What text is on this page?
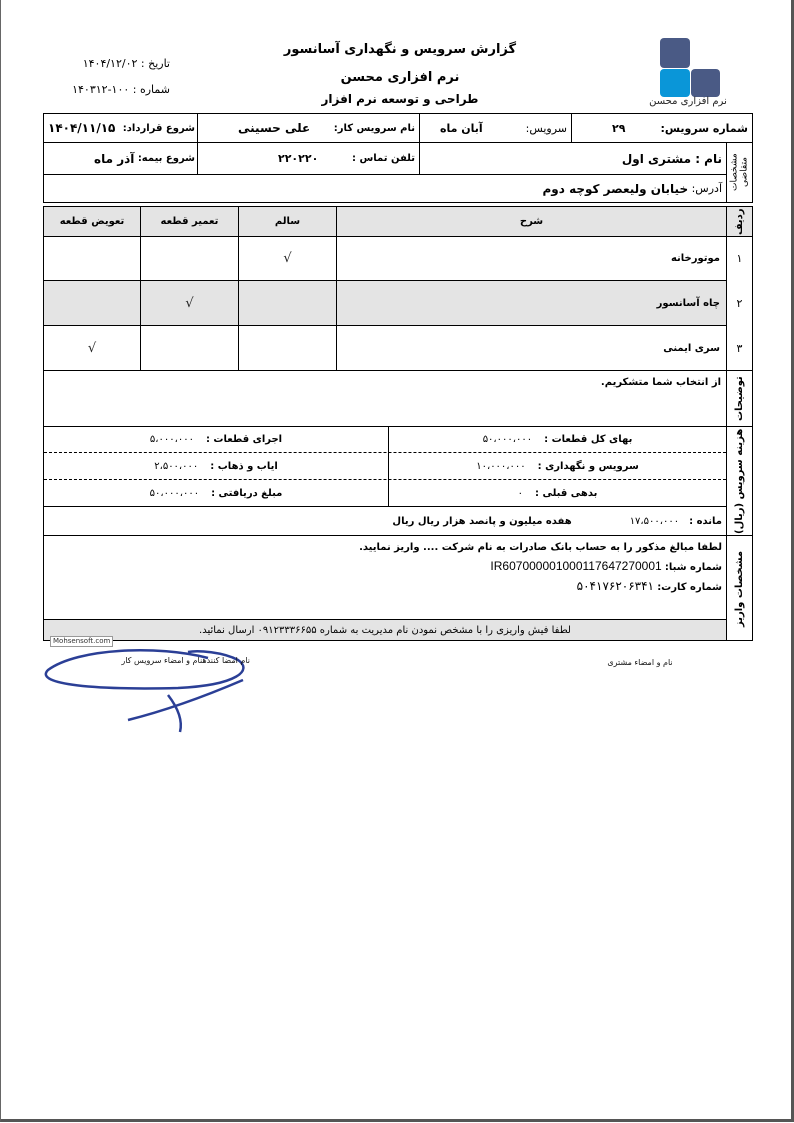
گزارش سرویس و نگهداری آسانسور
نرم افزاری محسن
طراحی و توسعه نرم افزار
تاریخ : ۱۴۰۴/۱۲/۰۲
شماره : ۱۰۰-۱۴۰۳۱۲
نرم افزاری محسن
شماره سرویس:
۲۹
سرویس:
آبان ماه
نام سرویس کار:
علی حسینی
شروع قرارداد:
۱۴۰۴/۱۱/۱۵
مشخصات متقاضی
نام :

مشتری اول
تلفن تماس :
۲۲۰۲۲۰
شروع بیمه:
آذر ماه
آدرس:

خیابان ولیعصر کوچه دوم
ردیف
شرح
سالم
تعمیر قطعه
تعویض قطعه
۱
موتورخانه
√
۲
چاه آسانسور
√
۳
سری ایمنی
√
توضیحات
از انتخاب شما متشکریم.
هزینه سرویس (ریال)
بهای کل قطعات :
۵۰،۰۰۰،۰۰۰
سرویس و نگهداری :
۱۰،۰۰۰،۰۰۰
بدهی قبلی :
۰
اجرای قطعات :
۵،۰۰۰،۰۰۰
ایاب و ذهاب :
۲،۵۰۰،۰۰۰
مبلغ دریافتی :
۵۰،۰۰۰،۰۰۰
مانده :
۱۷،۵۰۰،۰۰۰
هفده میلیون و پانصد هزار ریال ریال
مشخصات واریز
لطفا مبالغ مذکور را به حساب بانک صادرات به نام شرکت .... واریز نمایید.
شماره شبا: IR607000001000117647270001
شماره کارت: ۵۰۴۱۷۶۲۰۶۳۴۱
لطفا فیش واریزی را با مشخص نمودن نام مدیریت به شماره ۰۹۱۲۳۳۳۶۶۵۵ ارسال نمائید.
Mohsensoft.com
نام امضا کنندهنام و امضاء سرویس کار	نام و امضاء مشتری
